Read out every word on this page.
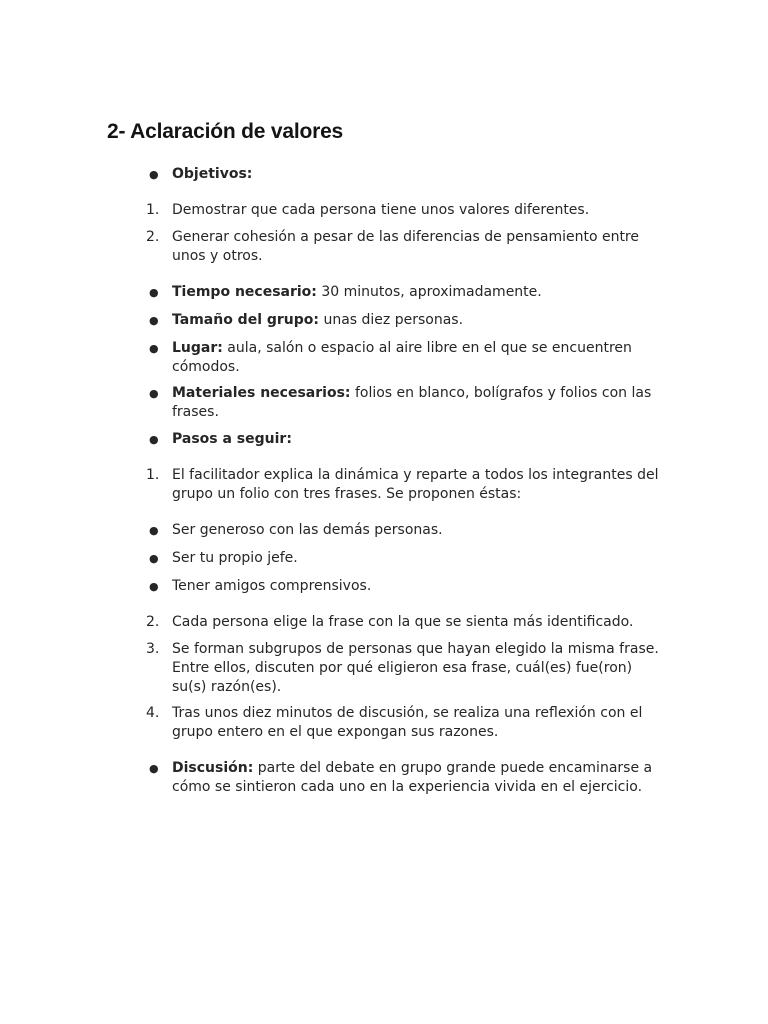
2- Aclaración de valores
● Objetivos:
1. Demostrar que cada persona tiene unos valores diferentes.
2. Generar cohesión a pesar de las diferencias de pensamiento entre unos y otros.
● Tiempo necesario: 30 minutos, aproximadamente.
● Tamaño del grupo: unas diez personas.
● Lugar: aula, salón o espacio al aire libre en el que se encuentren cómodos.
● Materiales necesarios: folios en blanco, bolígrafos y folios con las frases.
● Pasos a seguir:
1. El facilitador explica la dinámica y reparte a todos los integrantes del grupo un folio con tres frases. Se proponen éstas:
● Ser generoso con las demás personas.
● Ser tu propio jefe.
● Tener amigos comprensivos.
2. Cada persona elige la frase con la que se sienta más identificado.
3. Se forman subgrupos de personas que hayan elegido la misma frase. Entre ellos, discuten por qué eligieron esa frase, cuál(es) fue(ron) su(s) razón(es).
4. Tras unos diez minutos de discusión, se realiza una reflexión con el grupo entero en el que expongan sus razones.
● Discusión: parte del debate en grupo grande puede encaminarse a cómo se sintieron cada uno en la experiencia vivida en el ejercicio.
